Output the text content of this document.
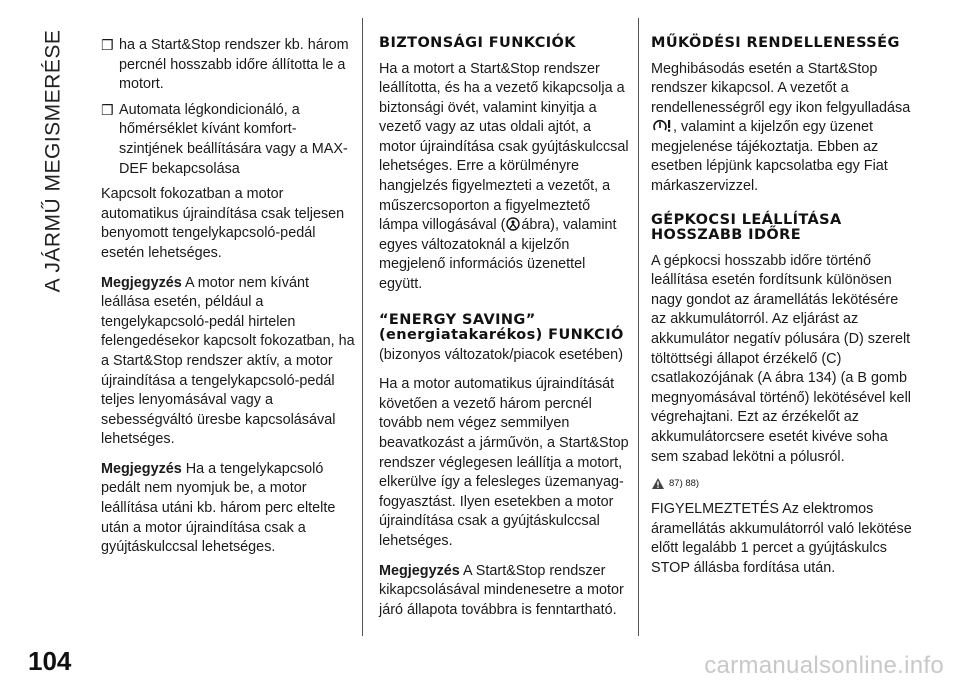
A JÁRMŰ MEGISMERÉSE	❒ ha a Start&Stop rendszer kb. három percnél hosszabb időre állította le a motort.
❒ Automata légkondicionáló, a hőmérséklet kívánt komfort-szintjének beállítására vagy a MAX-DEF bekapcsolása

Kapcsolt fokozatban a motor automatikus újraindítása csak teljesen benyomott tengelykapcsoló-pedál esetén lehetséges.

Megjegyzés A motor nem kívánt leállása esetén, például a tengelykapcsoló-pedál hirtelen felengedésekor kapcsolt fokozatban, ha a Start&Stop rendszer aktív, a motor újraindítása a tengelykapcsoló-pedál teljes lenyomásával vagy a sebességváltó üresbe kapcsolásával lehetséges.

Megjegyzés Ha a tengelykapcsoló pedált nem nyomjuk be, a motor leállítása utáni kb. három perc eltelte után a motor újraindítása csak a gyújtáskulccsal lehetséges.

BIZTONSÁGI FUNKCIÓK

Ha a motort a Start&Stop rendszer leállította, és ha a vezető kikapcsolja a biztonsági övét, valamint kinyitja a vezető vagy az utas oldali ajtót, a motor újraindítása csak gyújtáskulccsal lehetséges. Erre a körülményre hangjelzés figyelmezteti a vezetőt, a műszercsoporton a figyelmeztető lámpa villogásával ( ábra), valamint egyes változatoknál a kijelzőn megjelenő információs üzenettel együtt.

“ENERGY SAVING” (energiatakarékos) FUNKCIÓ

(bizonyos változatok/piacok esetében)

Ha a motor automatikus újraindítását követően a vezető három percnél tovább nem végez semmilyen beavatkozást a járművön, a Start&Stop rendszer véglegesen leállítja a motort, elkerülve így a felesleges üzemanyag-fogyasztást. Ilyen esetekben a motor újraindítása csak a gyújtáskulccsal lehetséges.

Megjegyzés A Start&Stop rendszer kikapcsolásával mindenesetre a motor járó állapota továbbra is fenntartható.

MŰKÖDÉSI RENDELLENESSÉG

Meghibásodás esetén a Start&Stop rendszer kikapcsol. A vezetőt a rendellenességről egy ikon felgyulladása , valamint a kijelzőn egy üzenet megjelenése tájékoztatja. Ebben az esetben lépjünk kapcsolatba egy Fiat márkaszervizzel.

GÉPKOCSI LEÁLLÍTÁSA HOSSZABB IDŐRE

A gépkocsi hosszabb időre történő leállítása esetén fordítsunk különösen nagy gondot az áramellátás lekötésére az akkumulátorról. Az eljárást az akkumulátor negatív pólusára (D) szerelt töltöttségi állapot érzékelő (C) csatlakozójának (A ábra 134) (a B gomb megnyomásával történő) lekötésével kell végrehajtani. Ezt az érzékelőt az akkumulátorcsere esetét kivéve soha sem szabad lekötni a pólusról.

87) 88)

FIGYELMEZTETÉS Az elektromos áramellátás akkumulátorról való lekötése előtt legalább 1 percet a gyújtáskulcs STOP állásba fordítása után.

104	carmanualsonline.info
